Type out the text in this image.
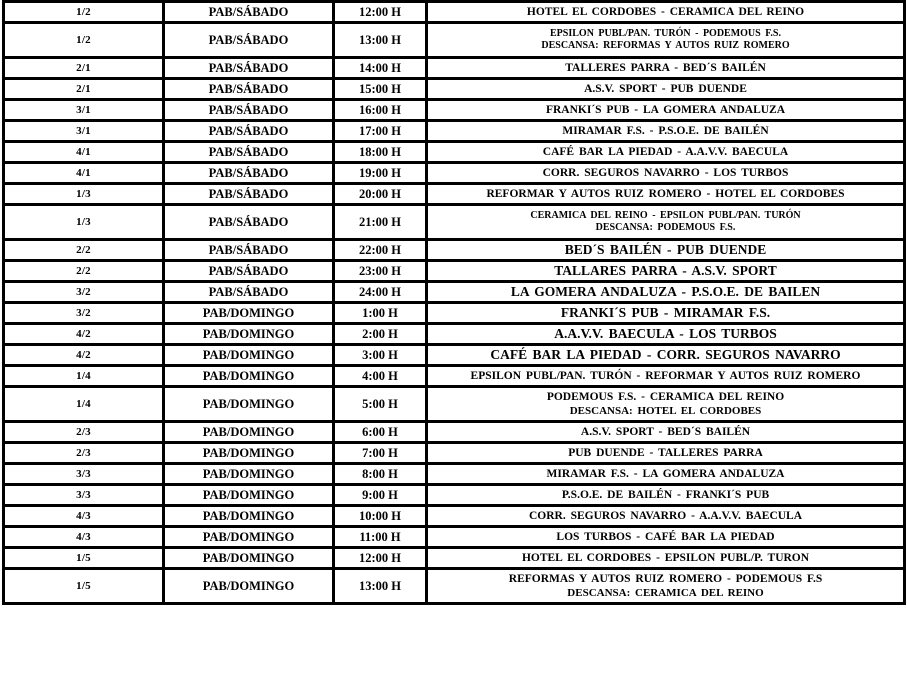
1/2	PAB/SÁBADO	12:00 H	HOTEL EL CORDOBES - CERAMICA DEL REINO

1/2	PAB/SÁBADO	13:00 H	EPSILON PUBL/PAN. TURÓN - PODEMOUS F.S.
DESCANSA: REFORMAS Y AUTOS RUIZ ROMERO

2/1	PAB/SÁBADO	14:00 H	TALLERES PARRA - BED´S BAILÉN

2/1	PAB/SÁBADO	15:00 H	A.S.V. SPORT - PUB DUENDE

3/1	PAB/SÁBADO	16:00 H	FRANKI´S PUB - LA GOMERA ANDALUZA

3/1	PAB/SÁBADO	17:00 H	MIRAMAR F.S. - P.S.O.E. DE BAILÉN

4/1	PAB/SÁBADO	18:00 H	CAFÉ BAR LA PIEDAD - A.A.V.V. BAECULA

4/1	PAB/SÁBADO	19:00 H	CORR. SEGUROS NAVARRO - LOS TURBOS

1/3	PAB/SÁBADO	20:00 H	REFORMAR Y AUTOS RUIZ ROMERO - HOTEL EL CORDOBES

1/3	PAB/SÁBADO	21:00 H	CERAMICA DEL REINO - EPSILON PUBL/PAN. TURÓN
DESCANSA: PODEMOUS F.S.

2/2	PAB/SÁBADO	22:00 H	BED´S BAILÉN - PUB DUENDE

2/2	PAB/SÁBADO	23:00 H	TALLARES PARRA - A.S.V. SPORT

3/2	PAB/SÁBADO	24:00 H	LA GOMERA ANDALUZA - P.S.O.E. DE BAILEN

3/2	PAB/DOMINGO	1:00 H	FRANKI´S PUB - MIRAMAR F.S.

4/2	PAB/DOMINGO	2:00 H	A.A.V.V. BAECULA - LOS TURBOS

4/2	PAB/DOMINGO	3:00 H	CAFÉ BAR LA PIEDAD - CORR. SEGUROS NAVARRO

1/4	PAB/DOMINGO	4:00 H	EPSILON PUBL/PAN. TURÓN - REFORMAR Y AUTOS RUIZ ROMERO

1/4	PAB/DOMINGO	5:00 H	PODEMOUS F.S. - CERAMICA DEL REINO
DESCANSA: HOTEL EL CORDOBES

2/3	PAB/DOMINGO	6:00 H	A.S.V. SPORT - BED´S BAILÉN

2/3	PAB/DOMINGO	7:00 H	PUB DUENDE - TALLERES PARRA

3/3	PAB/DOMINGO	8:00 H	MIRAMAR F.S. - LA GOMERA ANDALUZA

3/3	PAB/DOMINGO	9:00 H	P.S.O.E. DE BAILÉN - FRANKI´S PUB

4/3	PAB/DOMINGO	10:00 H	CORR. SEGUROS NAVARRO - A.A.V.V. BAECULA

4/3	PAB/DOMINGO	11:00 H	LOS TURBOS - CAFÉ BAR LA PIEDAD

1/5	PAB/DOMINGO	12:00 H	HOTEL EL CORDOBES - EPSILON PUBL/P. TURON

1/5	PAB/DOMINGO	13:00 H	REFORMAS Y AUTOS RUIZ ROMERO - PODEMOUS F.S
DESCANSA: CERAMICA DEL REINO
